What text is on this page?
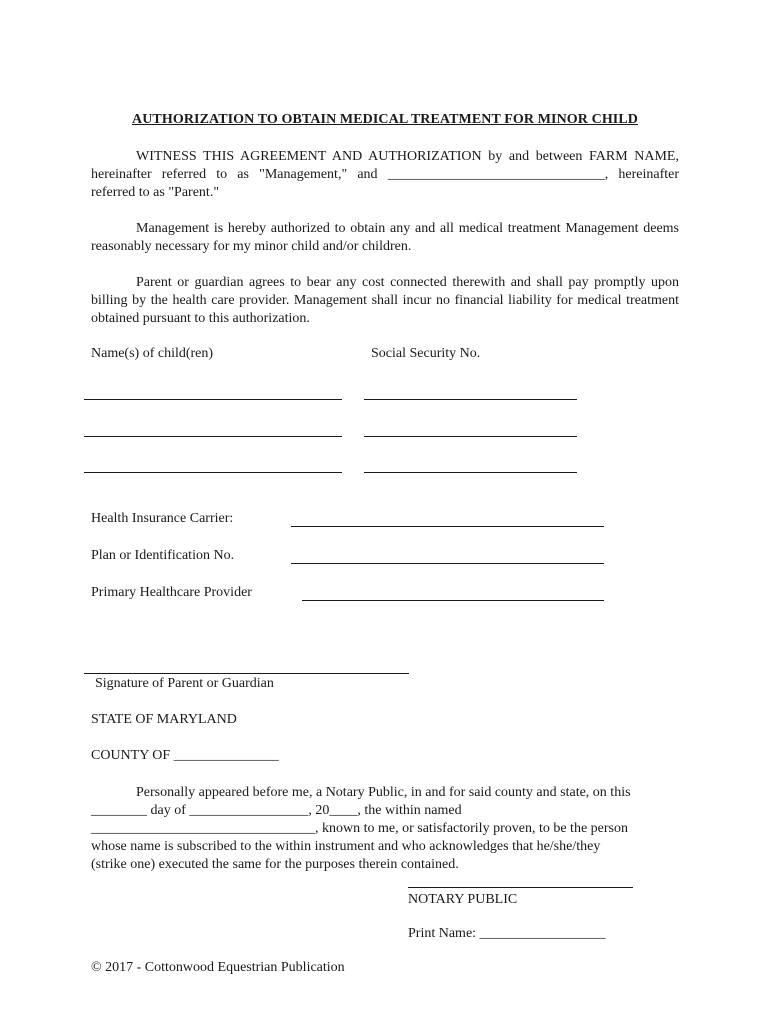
AUTHORIZATION TO OBTAIN MEDICAL TREATMENT FOR MINOR CHILD

WITNESS THIS AGREEMENT AND AUTHORIZATION by and between FARM NAME, hereinafter referred to as "Management," and _______________________________, hereinafter referred to as "Parent."

Management is hereby authorized to obtain any and all medical treatment Management deems reasonably necessary for my minor child and/or children.

Parent or guardian agrees to bear any cost connected therewith and shall pay promptly upon billing by the health care provider. Management shall incur no financial liability for medical treatment obtained pursuant to this authorization.

Name(s) of child(ren)	Social Security No.
Health Insurance Carrier:
Plan or Identification No.
Primary Healthcare Provider
Signature of Parent or Guardian
STATE OF MARYLAND
COUNTY OF _______________
Personally appeared before me, a Notary Public, in and for said county and state, on this
________ day of _________________, 20____, the within named
________________________________, known to me, or satisfactorily proven, to be the person
whose name is subscribed to the within instrument and who acknowledges that he/she/they
(strike one) executed the same for the purposes therein contained.
NOTARY PUBLIC
Print Name: __________________
© 2017 - Cottonwood Equestrian Publication
